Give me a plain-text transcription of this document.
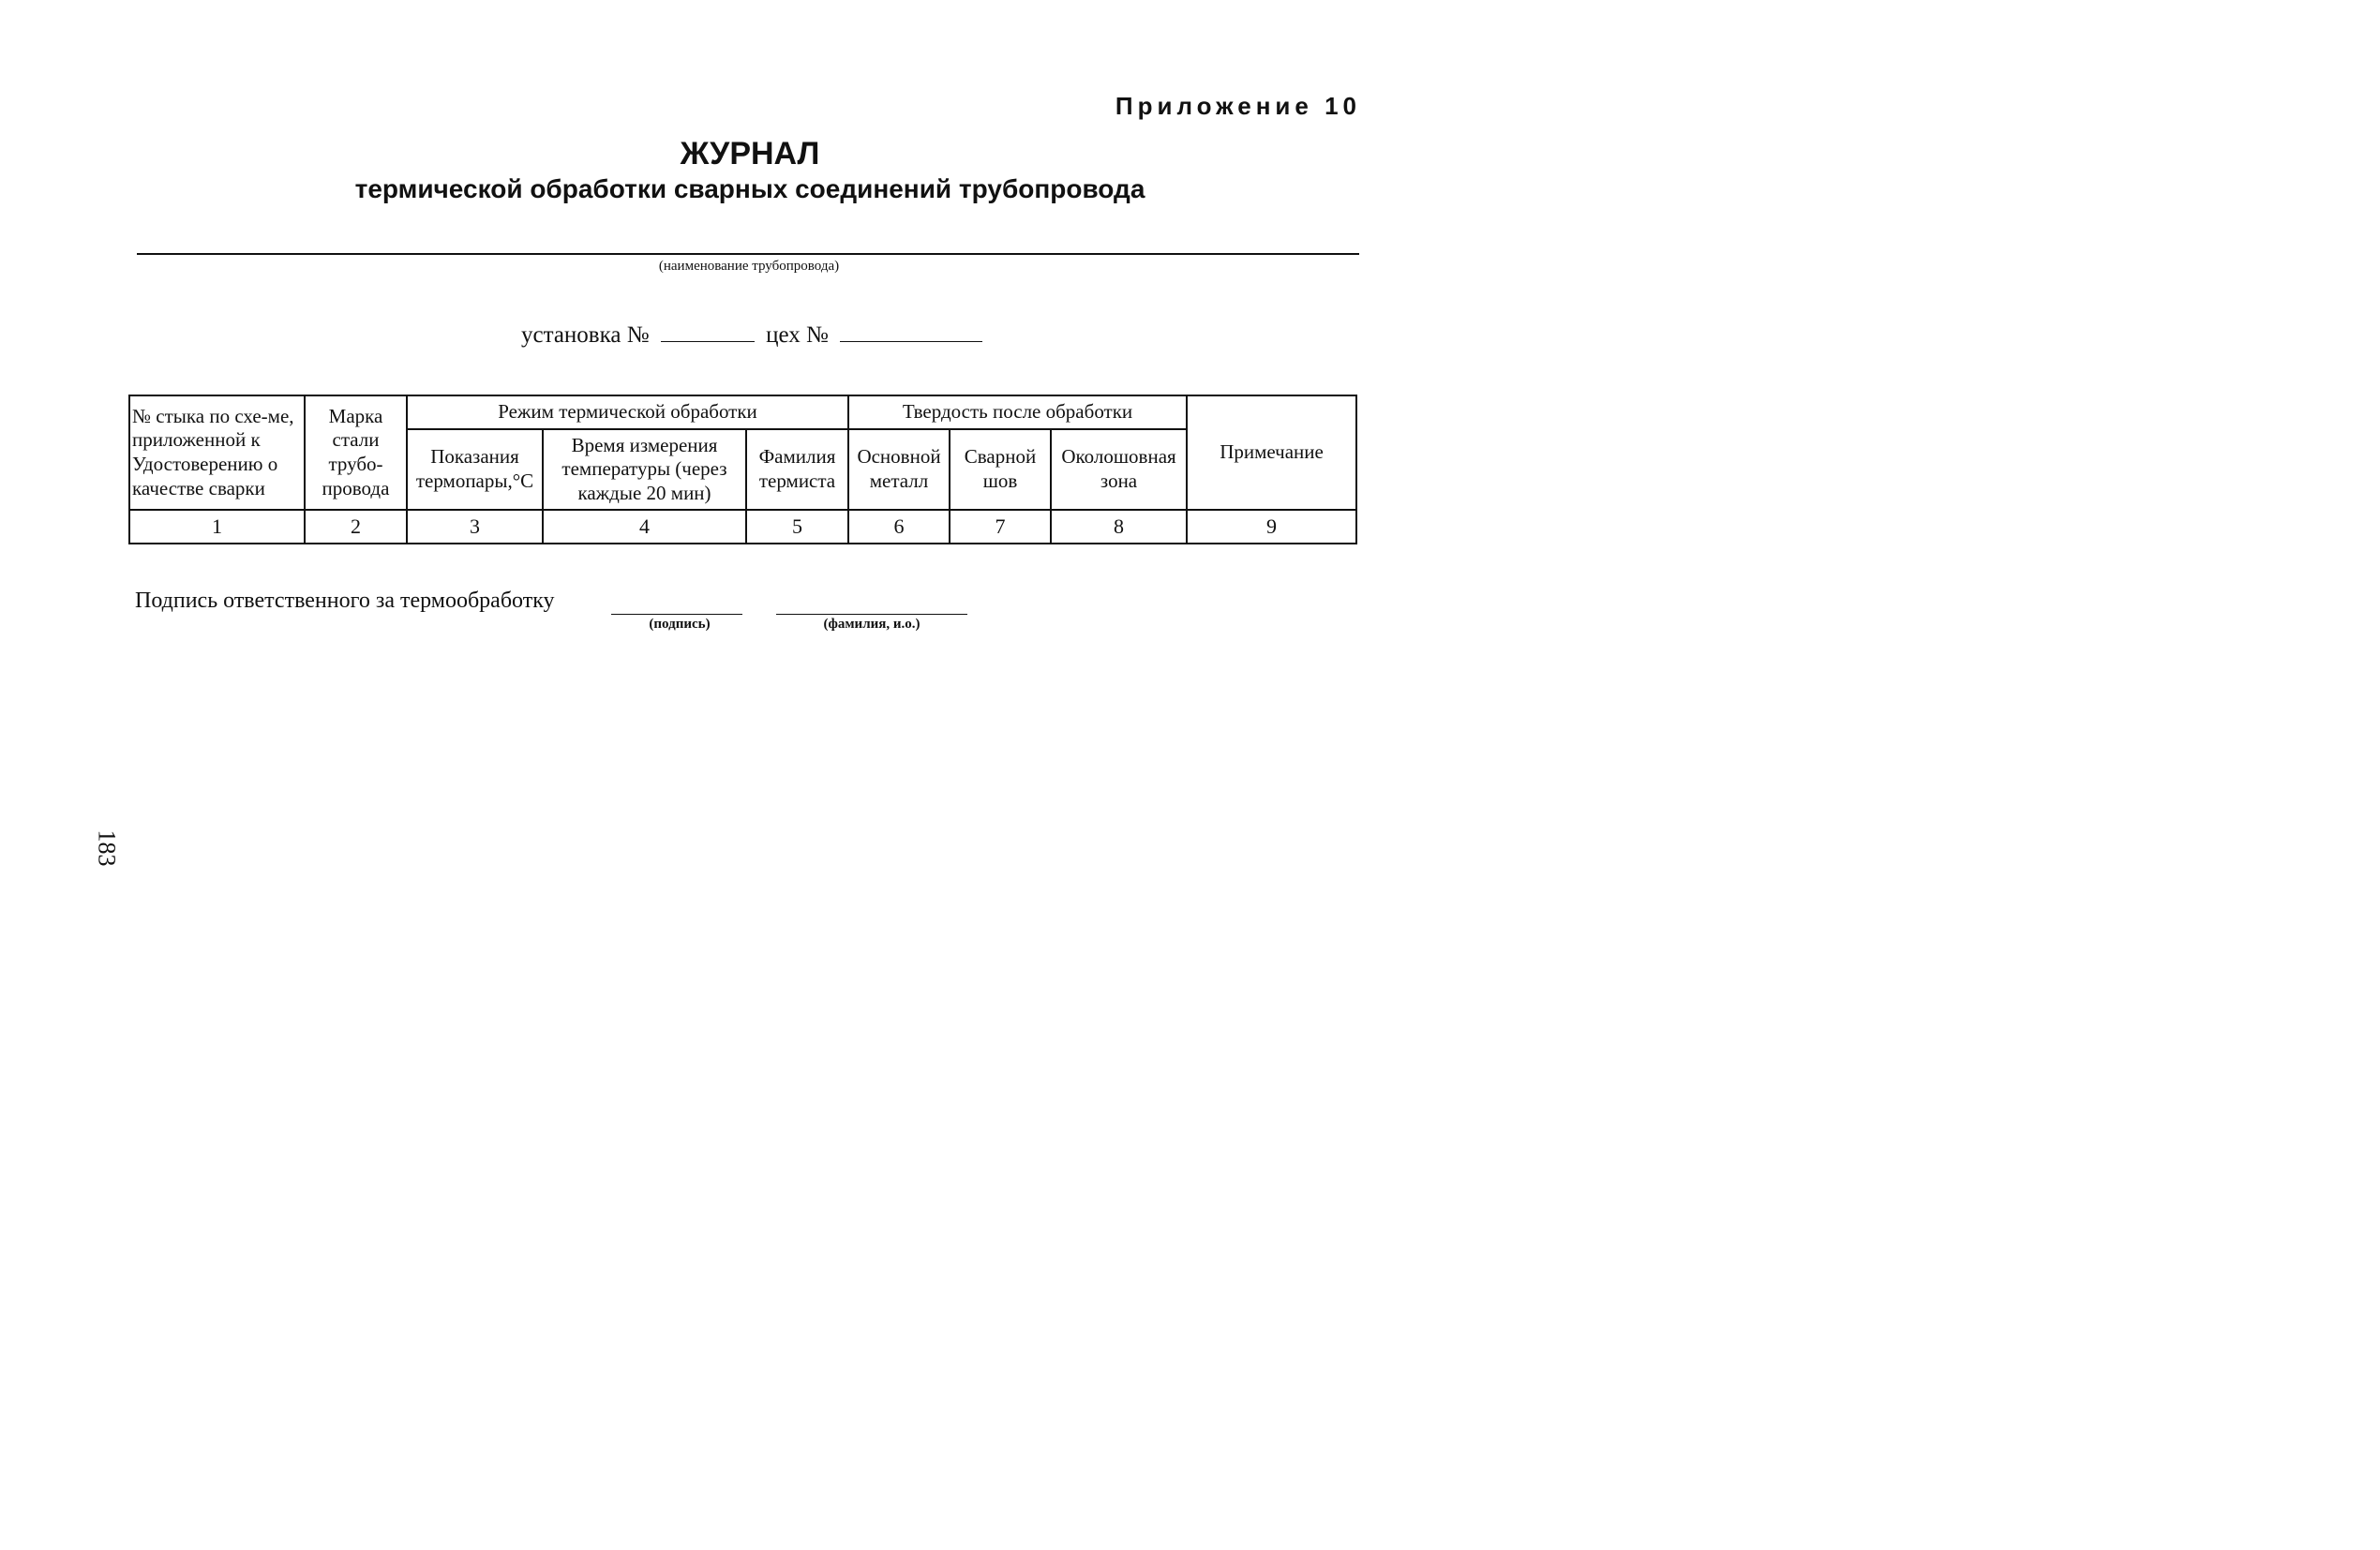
Приложение 10
ЖУРНАЛ
термической обработки сварных соединений трубопровода
(наименование трубопровода)
установка №	цех №
№ стыка по схе-ме, приложенной к Удостоверению о качестве сварки	Марка стали трубо-провода	Режим термической обработки			Твердость после обработки			Примечание
		Показания термопары,°С	Время измерения температуры (через каждые 20 мин)	Фамилия термиста	Основной металл	Сварной шов	Околошовная зона	
1	2	3	4	5	6	7	8	9
Подпись ответственного за термообработку
(подпись)	(фамилия, и.о.)
183
